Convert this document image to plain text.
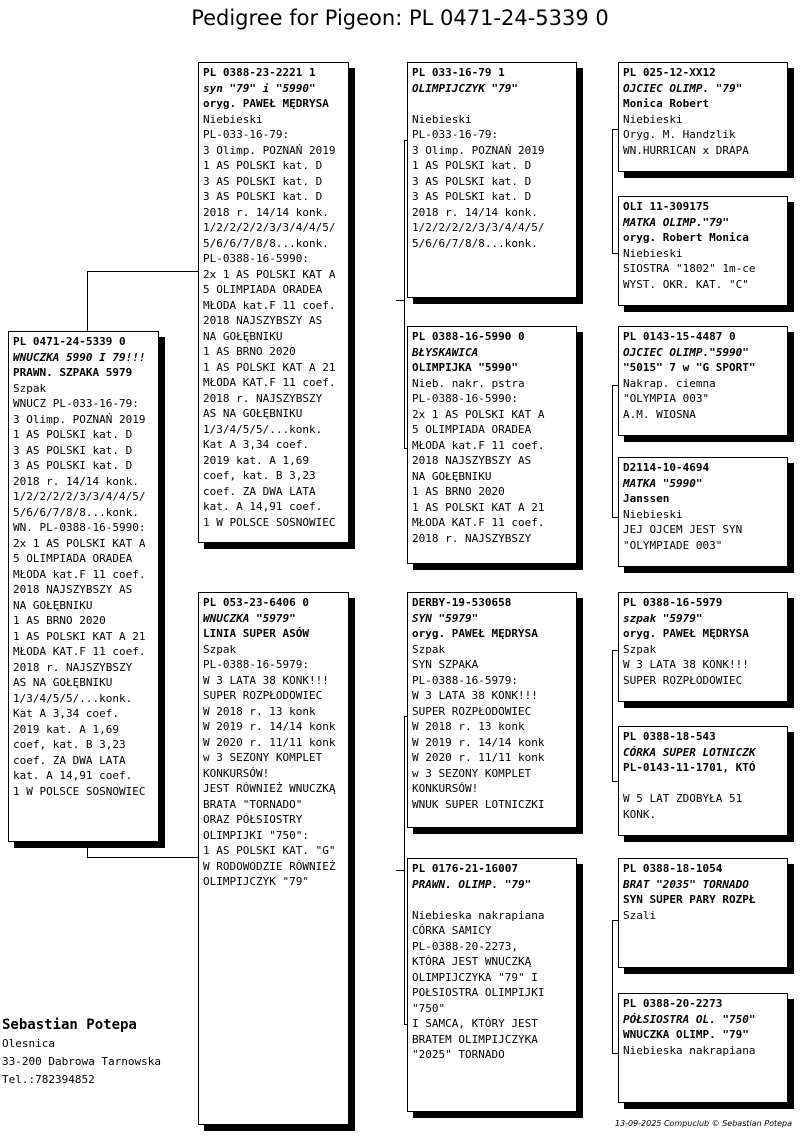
Pedigree for Pigeon: PL 0471-24-5339 0
PL 0471-24-5339 0
WNUCZKA 5990 I 79!!!
PRAWN. SZPAKA 5979
Szpak
WNUCZ PL-033-16-79:
3 Olimp. POZNAŃ 2019
1 AS POLSKI kat. D
3 AS POLSKI kat. D
3 AS POLSKI kat. D
2018 r. 14/14 konk.
1/2/2/2/2/3/3/4/4/5/
5/6/6/7/8/8...konk.
WN. PL-0388-16-5990:
2x 1 AS POLSKI KAT A
5 OLIMPIADA ORADEA
MŁODA kat.F 11 coef.
2018 NAJSZYBSZY AS
NA GOŁĘBNIKU
1 AS BRNO 2020
1 AS POLSKI KAT A 21
MŁODA KAT.F 11 coef.
2018 r. NAJSZYBSZY
AS NA GOŁĘBNIKU
1/3/4/5/5/...konk.
Kat A 3,34 coef.
2019 kat. A 1,69
coef, kat. B 3,23
coef. ZA DWA LATA
kat. A 14,91 coef.
1 W POLSCE SOSNOWIEC
PL 0388-23-2221 1
syn "79" i "5990"
oryg. PAWEŁ MĘDRYSA
Niebieski
PL-033-16-79:
3 Olimp. POZNAŃ 2019
1 AS POLSKI kat. D
3 AS POLSKI kat. D
3 AS POLSKI kat. D
2018 r. 14/14 konk.
1/2/2/2/2/3/3/4/4/5/
5/6/6/7/8/8...konk.
PL-0388-16-5990:
2x 1 AS POLSKI KAT A
5 OLIMPIADA ORADEA
MŁODA kat.F 11 coef.
2018 NAJSZYBSZY AS
NA GOŁĘBNIKU
1 AS BRNO 2020
1 AS POLSKI KAT A 21
MŁODA KAT.F 11 coef.
2018 r. NAJSZYBSZY
AS NA GOŁĘBNIKU
1/3/4/5/5/...konk.
Kat A 3,34 coef.
2019 kat. A 1,69
coef, kat. B 3,23
coef. ZA DWA LATA
kat. A 14,91 coef.
1 W POLSCE SOSNOWIEC
PL 053-23-6406 0
WNUCZKA "5979"
LINIA SUPER ASÓW
Szpak
PL-0388-16-5979:
W 3 LATA 38 KONK!!!
SUPER ROZPŁODOWIEC
W 2018 r. 13 konk
W 2019 r. 14/14 konk
W 2020 r. 11/11 konk
w 3 SEZONY KOMPLET
KONKURSÓW!
JEST RÓWNIEŻ WNUCZKĄ
BRATA "TORNADO"
ORAZ PÓŁSIOSTRY
OLIMPIJKI "750":
1 AS POLSKI KAT. "G"
W RODOWODZIE RÓWNIEŻ
OLIMPIJCZYK "79"
PL 033-16-79 1
OLIMPIJCZYK "79"
Niebieski
PL-033-16-79:
3 Olimp. POZNAŃ 2019
1 AS POLSKI kat. D
3 AS POLSKI kat. D
3 AS POLSKI kat. D
2018 r. 14/14 konk.
1/2/2/2/2/3/3/4/4/5/
5/6/6/7/8/8...konk.
PL 0388-16-5990 0
BŁYSKAWICA
OLIMPIJKA "5990"
Nieb. nakr. pstra
PL-0388-16-5990:
2x 1 AS POLSKI KAT A
5 OLIMPIADA ORADEA
MŁODA kat.F 11 coef.
2018 NAJSZYBSZY AS
NA GOŁĘBNIKU
1 AS BRNO 2020
1 AS POLSKI KAT A 21
MŁODA KAT.F 11 coef.
2018 r. NAJSZYBSZY
DERBY-19-530658
SYN "5979"
oryg. PAWEŁ MĘDRYSA
Szpak
SYN SZPAKA
PL-0388-16-5979:
W 3 LATA 38 KONK!!!
SUPER ROZPŁODOWIEC
W 2018 r. 13 konk
W 2019 r. 14/14 konk
W 2020 r. 11/11 konk
w 3 SEZONY KOMPLET
KONKURSÓW!
WNUK SUPER LOTNICZKI
PL 0176-21-16007
PRAWN. OLIMP. "79"
Niebieska nakrapiana
CÓRKA SAMICY
PL-0388-20-2273,
KTÓRA JEST WNUCZKĄ
OLIMPIJCZYKA "79" I
POŁSIOSTRA OLIMPIJKI
"750"
I SAMCA, KTÓRY JEST
BRATEM OLIMPIJCZYKA
"2025" TORNADO
PL 025-12-XX12
OJCIEC OLIMP. "79"
Monica Robert
Niebieski
Oryg. M. Handzlik
WN.HURRICAN x DRAPA
OLI 11-309175
MATKA OLIMP."79"
oryg. Robert Monica
Niebieski
SIOSTRA "1802" 1m-ce
WYST. OKR. KAT. "C"
PL 0143-15-4487 0
OJCIEC OLIMP."5990"
"5015" 7 w "G SPORT"
Nakrap. ciemna
"OLYMPIA 003"
A.M. WIOSNA
D2114-10-4694
MATKA "5990"
Janssen
Niebieski
JEJ OJCEM JEST SYN
"OLYMPIADE 003"
PL 0388-16-5979
szpak "5979"
oryg. PAWEŁ MĘDRYSA
Szpak
W 3 LATA 38 KONK!!!
SUPER ROZPŁODOWIEC
PL 0388-18-543
CÓRKA SUPER LOTNICZK
PL-0143-11-1701, KTÓ
W 5 LAT ZDOBYŁA 51
KONK.
PL 0388-18-1054
BRAT "2035" TORNADO
SYN SUPER PARY ROZPŁ
Szali
PL 0388-20-2273
PÓŁSIOSTRA OL. "750"
WNUCZKA OLIMP. "79"
Niebieska nakrapiana
Sebastian Potepa
Olesnica
33-200 Dabrowa Tarnowska
Tel.:782394852
13-09-2025 Compuclub © Sebastian Potepa
